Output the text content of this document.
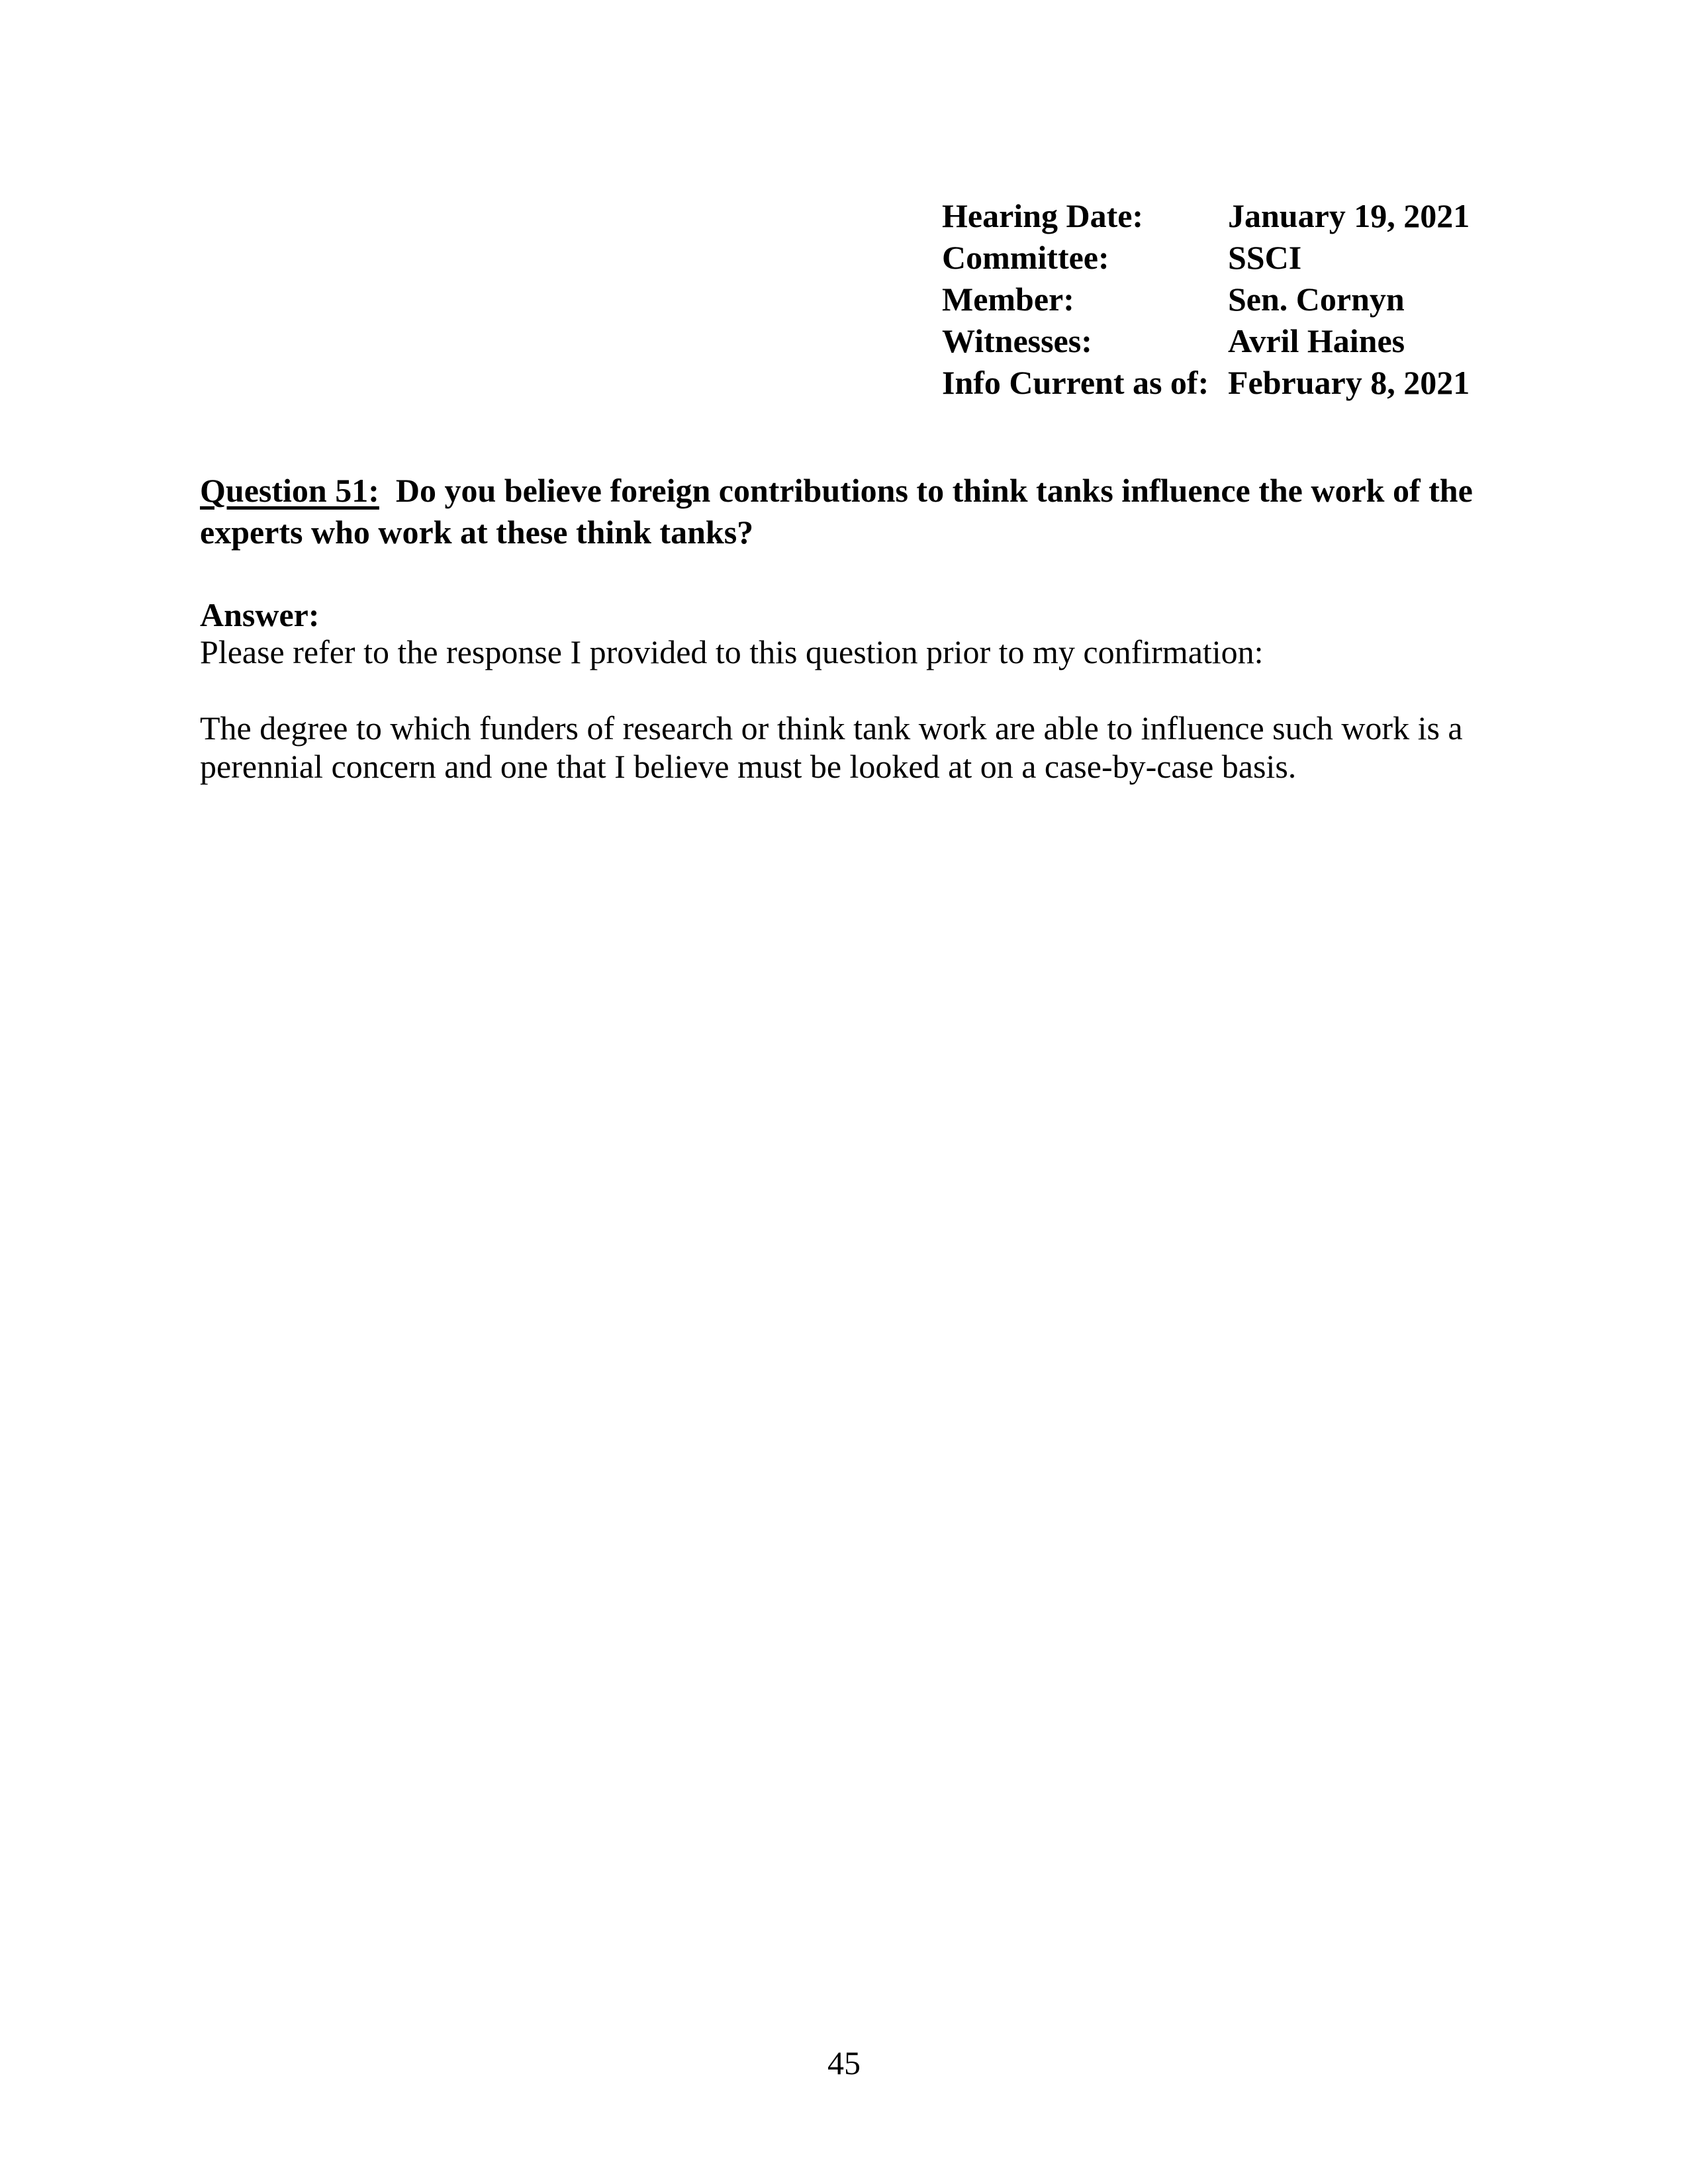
Hearing Date:	January 19, 2021
Committee:	SSCI
Member:	Sen. Cornyn
Witnesses:	Avril Haines
Info Current as of: February 8, 2021
Question 51:  Do you believe foreign contributions to think tanks influence the work of the experts who work at these think tanks?
Answer:
Please refer to the response I provided to this question prior to my confirmation:
The degree to which funders of research or think tank work are able to influence such work is a perennial concern and one that I believe must be looked at on a case-by-case basis.
45
